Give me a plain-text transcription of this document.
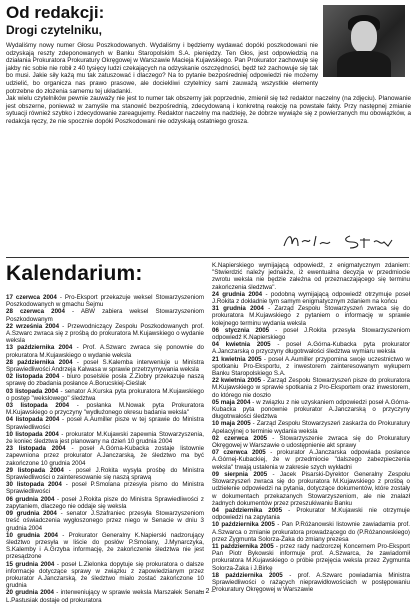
Od redakcji:
Drogi czytelniku,

Wydaliśmy nowy numer Głosu Poszkodowanych. Wydaliśmy i będziemy wydawać dopóki poszkodowani nie odzyskają reszty zdeponowanych w Banku Staropolskim S.A. pieniędzy. Ten Głos, jest odpowiedzią na działania Prokuratora Prokuratury Okręgowej w Warszawie Macieja Kujawskiego. Pan Prokurator zachowuje się jakby nic sobie nie robił z 40 tysięcy ludzi czekających na odzyskanie oszczędności, będź też zachowuje się tak bo musi. Jakie siły każą mu tak zatuszować i dlaczego? Na to pytanie bezpośredniej odpowiedzi nie możemy udzielić, bo organicza nas prawo prasowe, ale dociekliwi czytelnicy sami zauważą wszystkie elementy potrzebne do złożenia samemu tej układanki.

Jak wielu czytelników pewnie zauważy nie jest to numer tak obszerny jak poprzednie, zmienił się też redaktor naczelny (na zdjęciu). Planowanie jest obszerne, ponieważ w zamyśle ma stanowić bezpośrednią, zdecydowaną i konkretną reakcję na powstałe fakty. Przy następnej zmianie sytuacji również szybko i zdecydowanie zareagujemy. Redaktor naczelny ma nadzieję, że dobrze wywiąże się z powierzanych mu obowiązków, a redakcja ręczy, że nie spocznie dopóki Poszkodowani nie odzyskają ostatniego grosza.

Kalendarium:

17 czerwca 2004 - Pro-Eksport przekazuje weksel Stowarzyszeniom Poszkodowanych w gmachu Sejmu

28 czerwca 2004 - ABW zabiera weksel Stowarzyszeniom Poszkodowanym

22 września 2004 - Przewodniczący Zespołu Poszkodowanych prof. A.Szwarc zwraca się z prośbą do prokuratora M.Kujawskiego o wydanie weksla

13 października 2004 - Prof. A.Szwarc zwraca się ponownie do prokuratora M.Kujawskiego o wydanie weksla

28 października 2004 - poseł S.Kalemba interweniuje u Ministra Sprawiedliwości Andrzeja Kalwasa w sprawie przetrzymywania weksla

02 listopada 2004 - biuro poselskie posła Z.Ziobry przekazuje naszą sprawę do zbadania posłance A.Borucskiej-Cieślak

03 listopada 2004 - senator A.Kurska pyta prokuratora M.Kujawskiego o postęp "wekslowego" śledztwa

03 listopada 2004 - posłanka M.Nowak pyta Prokuratora M.Kujawskiego o przyczyny "wydłużonego okresu badania weksla"

04 listopada 2004 - poseł A.Aumiller pisze w tej sprawie do Ministra Sprawiedliwości

10 listopada 2004 - prokurator M.Kujawski zapewnia Stowarzyszenia, że koniec śledztwa jest planowany na dzień 10 grudnia 2004

23 listopada 2004 - poseł A.Górna-Kubacka zostaje listownie zapewniona przez prokurator A.Janczarską, że śledztwo ma być zakończone 10 grudnia 2004

29 listopada 2004 - poseł J.Rokita wysyła prośbę do Ministra Sprawiedliwości o zainteresowanie się naszą sprawą

30 listopada 2004 - poseł P.Smolana przesyła pismo do Ministra Sprawiedliwości

06 grudnia 2004 - poseł J.Rokita pisze do Ministra Sprawiedliwości z zapytaniem, dlaczego nie oddaje się weksla

09 grudnia 2004 - senator J.Szafraniec przesyła Stowarzyszeniom treść oświadczenia wygłoszonego przez niego w Senacie w dniu 3 grudnia 2004

10 grudnia 2004 - Prokurator Generalny K.Napierski nadzorujący śledztwo przesyła w liście do posłów P.Smolany, J.Mynarczyka, S.Kalemby i A.Grzyba informację, że zakończenie śledztwa nie jest przesądzone

15 grudnia 2004 - poseł L.Zielonka dopytuje się prokuratora o dalsze informacje dotyczące sprawy w związku z zapowiedzianym przez prokurator A.Janczarską, że śledztwo miało zostać zakończone 10 grudnia

20 grudnia 2004 - interweniujący w sprawie weksla Marszałek Senatu L.Pastusiak dostaje od prokuratora

K.Napierskiego wymijającą odpowiedź, z enigmatycznym zdaniem: "Stwierdzić należy jednakże, iż ewentualna decyzja w przedmiocie zwrotu weksla nie będzie zależna od przeznaczającego się terminu zakończenia śledztwa".

24 grudnia 2004 - podobną wymijającą odpowiedź otrzymuje poseł J.Rokita z dokładnie tym samym enigmatycznym zdaniem na końcu

31 grudnia 2004 - Zarząd Zespołu Stowarzyszeń zwraca się do prokuratora M.Kujawskiego z pytaniem o informację w sprawie kolejnego terminu wydania weksla

06 stycznia 2005 - poseł J.Rokita przesyła Stowarzyszeniom odpowiedź K.Napierskiego

04 kwietnia 2005 - poseł A.Górna-Kubacka pyta prokurator A.Janczarską o przyczyny długotrwałości śledztwa wymiaru weksla

21 kwietnia 2005 - poseł A.Aumiller przypomina swoje uczestnictwo w spotkaniu Pro-Eksportu, z inwestorem zainteresowanym wykupem Banku Staropolskiego S.A.

22 kwietnia 2005 - Zarząd Zespołu Stowarzyszeń pisze do prokuratora M.Kujawskiego w sprawie spotkania z Pro-Eksportem oraz inwestorem, do którego nie doszło

05 maja 2004 - w związku z nie uzyskaniem odpowiedzi poseł A.Górna-Kubacka pyta ponownie prokurator A.Janczarską o przyczyny długotrwałości śledztwa

10 maja 2005 - Zarząd Zespołu Stowarzyszeń zaskarża do Prokuratury Apelacyjnej o terminie wydania weksla

02 czerwca 2005 - Stowarzyszenie zwraca się do Prokuratury Okręgowej w Warszawie o udostępnienie akt sprawy

07 czerwca 2005 - prokurator A.Janczarska odpowiada posłance A.Górnej-Kubackiej, że w przedmiocie "dalszego zabezpieczenia weksla" trwają ustalenia w zakresie szych wykładni

09 sierpnia 2005 - Jacek Pisarski-Dyrektor Generalny Zespołu Stowarzyszeń zwraca się do prokuratora M.Kujawskiego z prośbą o udzielenie odpowiedzi na pytania, dotyczące dokumentów, które zostały w dokumentach przekazanych Stowarzyszeniom, ale nie znalazł żadnych dokumentów przez przeszukiwaniu Banku

04 października 2005 - Prokurator M.Kujawski nie otrzymuje odpowiedzi na zapytania

10 października 2005 - Pan P.Różanowski listownie zawiadamia prof. A.Szwarca o zmianie prokuratora prowadzącego do (P.Różanowskiego) przez Zygmunta Solorza-Żaka do zmiany prezesa

11 października 2005 - przez rady nadzorczej Koncernem Pro-Eksport Pan Piotr Bykowski informuje prof. A.Szwarca, że zawiadomił prokuratora M.Kujawskiego o próbie przejęcia weksla przez Zygmunta Solorza-Żaka i J.Birkę

18 października 2005 - prof. A.Szwarc powiadamia Ministra Sprawiedliwości o rażących nieprawidłowościach w postępowaniu Prokuratury Okręgowej w Warszawie

– 2 –
